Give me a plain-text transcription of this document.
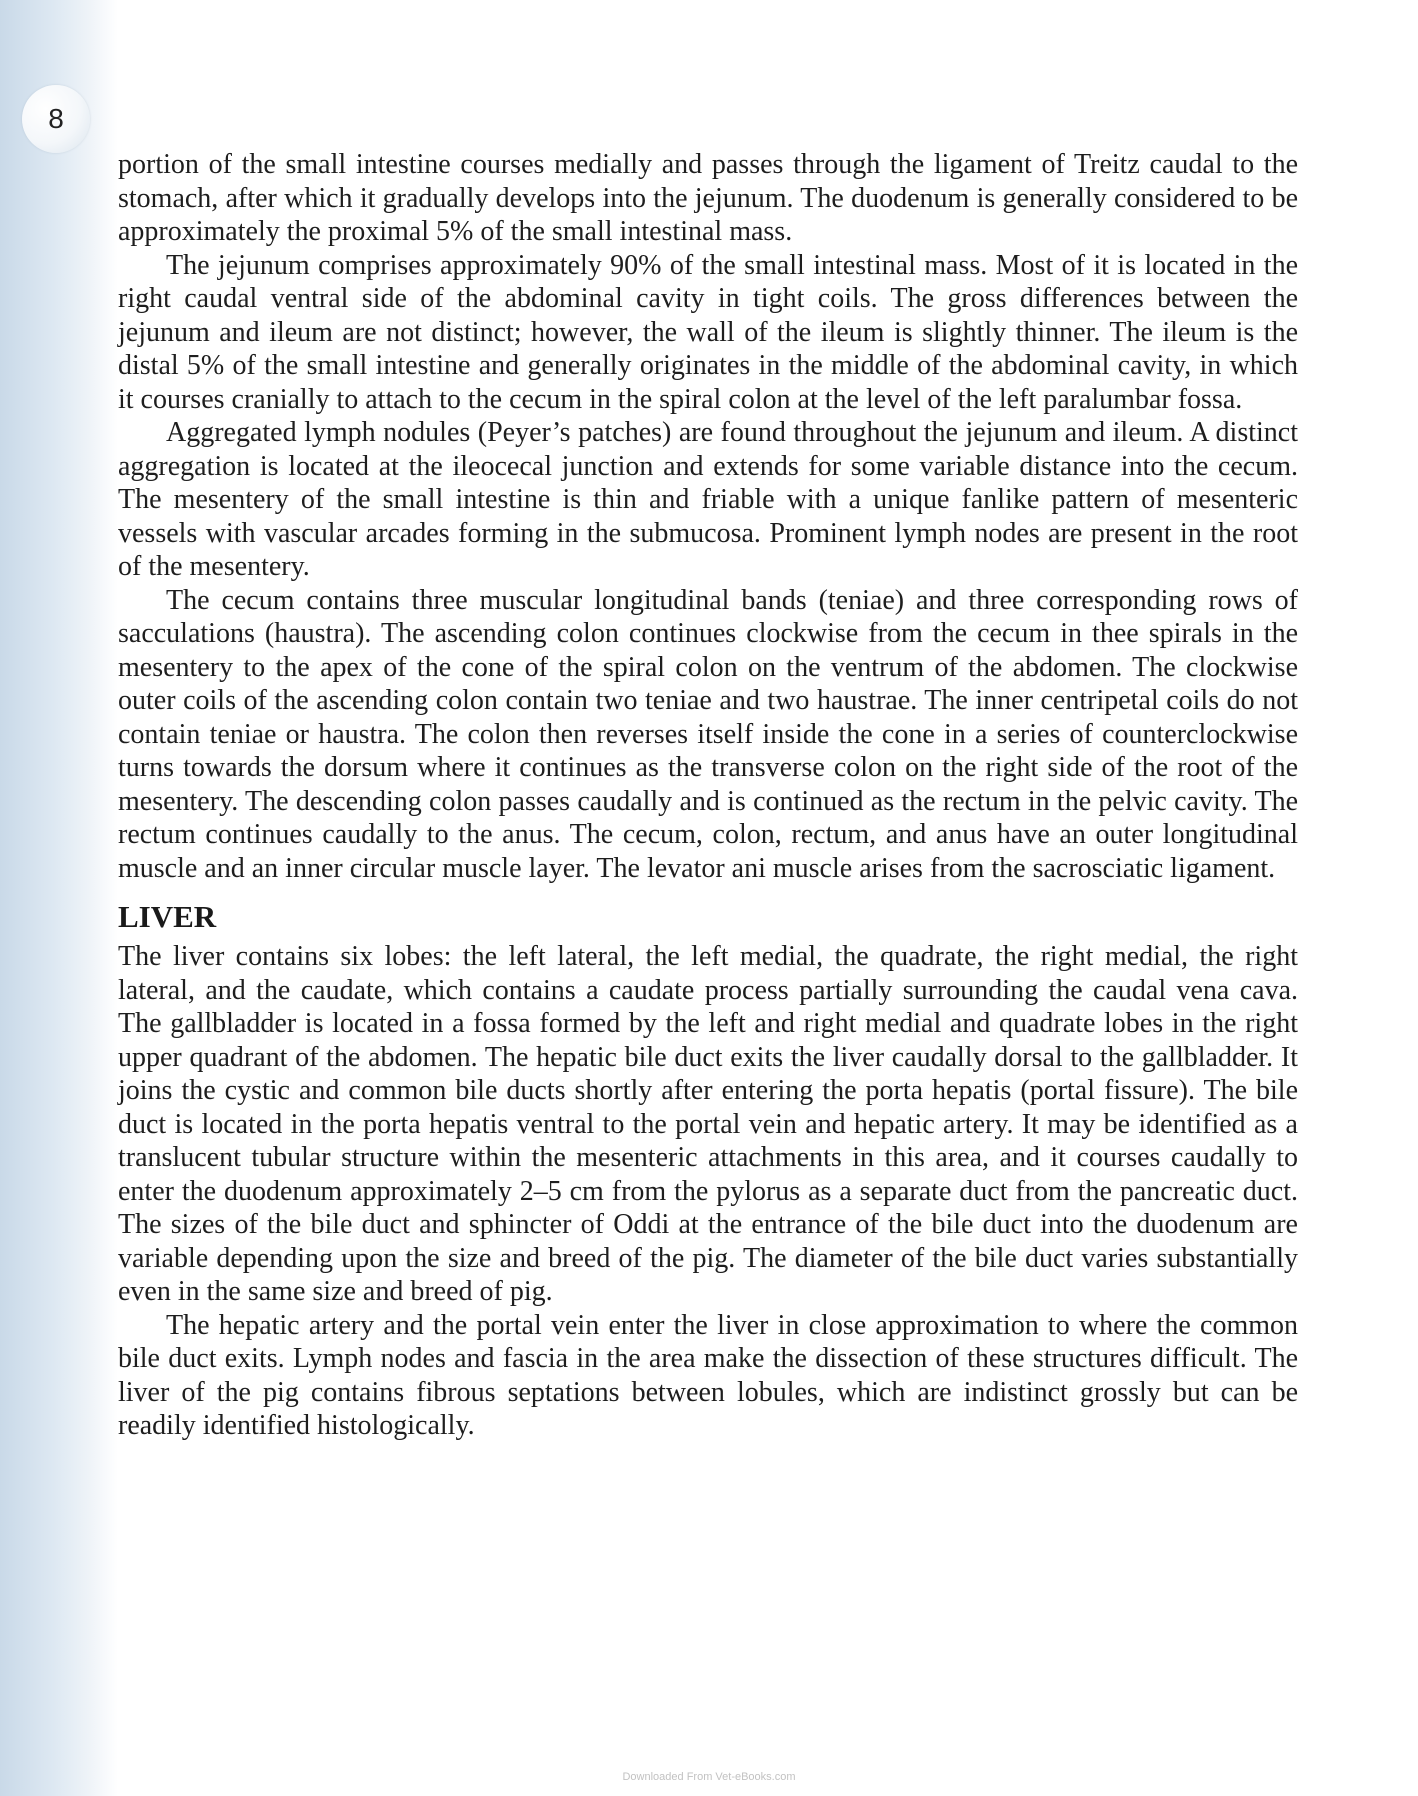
8

portion of the small intestine courses medially and passes through the ligament of Treitz caudal to the stomach, after which it gradually develops into the jejunum. The duodenum is generally considered to be approximately the proximal 5% of the small intestinal mass.

The jejunum comprises approximately 90% of the small intestinal mass. Most of it is located in the right caudal ventral side of the abdominal cavity in tight coils. The gross differences between the jejunum and ileum are not distinct; however, the wall of the ileum is slightly thinner. The ileum is the distal 5% of the small intestine and generally originates in the middle of the abdominal cavity, in which it courses cranially to attach to the cecum in the spiral colon at the level of the left paralumbar fossa.

Aggregated lymph nodules (Peyer’s patches) are found throughout the jejunum and ileum. A distinct aggregation is located at the ileocecal junction and extends for some variable distance into the cecum. The mesentery of the small intestine is thin and friable with a unique fanlike pattern of mesenteric vessels with vascular arcades forming in the submucosa. Prominent lymph nodes are present in the root of the mesentery.

The cecum contains three muscular longitudinal bands (teniae) and three corresponding rows of sacculations (haustra). The ascending colon continues clockwise from the cecum in thee spirals in the mesentery to the apex of the cone of the spiral colon on the ventrum of the abdomen. The clockwise outer coils of the ascending colon contain two teniae and two haustrae. The inner centripetal coils do not contain teniae or haustra. The colon then reverses itself inside the cone in a series of counterclockwise turns towards the dorsum where it continues as the transverse colon on the right side of the root of the mesentery. The descending colon passes caudally and is continued as the rectum in the pelvic cavity. The rectum continues caudally to the anus. The cecum, colon, rectum, and anus have an outer longitudinal muscle and an inner circular muscle layer. The levator ani muscle arises from the sacrosciatic ligament.

LIVER

The liver contains six lobes: the left lateral, the left medial, the quadrate, the right medial, the right lateral, and the caudate, which contains a caudate process partially surrounding the caudal vena cava. The gallbladder is located in a fossa formed by the left and right medial and quadrate lobes in the right upper quadrant of the abdomen. The hepatic bile duct exits the liver caudally dorsal to the gallbladder. It joins the cystic and common bile ducts shortly after entering the porta hepatis (portal fissure). The bile duct is located in the porta hepatis ventral to the portal vein and hepatic artery. It may be identified as a translucent tubular structure within the mesenteric attachments in this area, and it courses caudally to enter the duodenum approximately 2–5 cm from the pylorus as a separate duct from the pancreatic duct. The sizes of the bile duct and sphincter of Oddi at the entrance of the bile duct into the duodenum are variable depending upon the size and breed of the pig. The diameter of the bile duct varies substantially even in the same size and breed of pig.

The hepatic artery and the portal vein enter the liver in close approximation to where the common bile duct exits. Lymph nodes and fascia in the area make the dissection of these structures difficult. The liver of the pig contains fibrous septations between lobules, which are indistinct grossly but can be readily identified histologically.

Downloaded From Vet-eBooks.com
